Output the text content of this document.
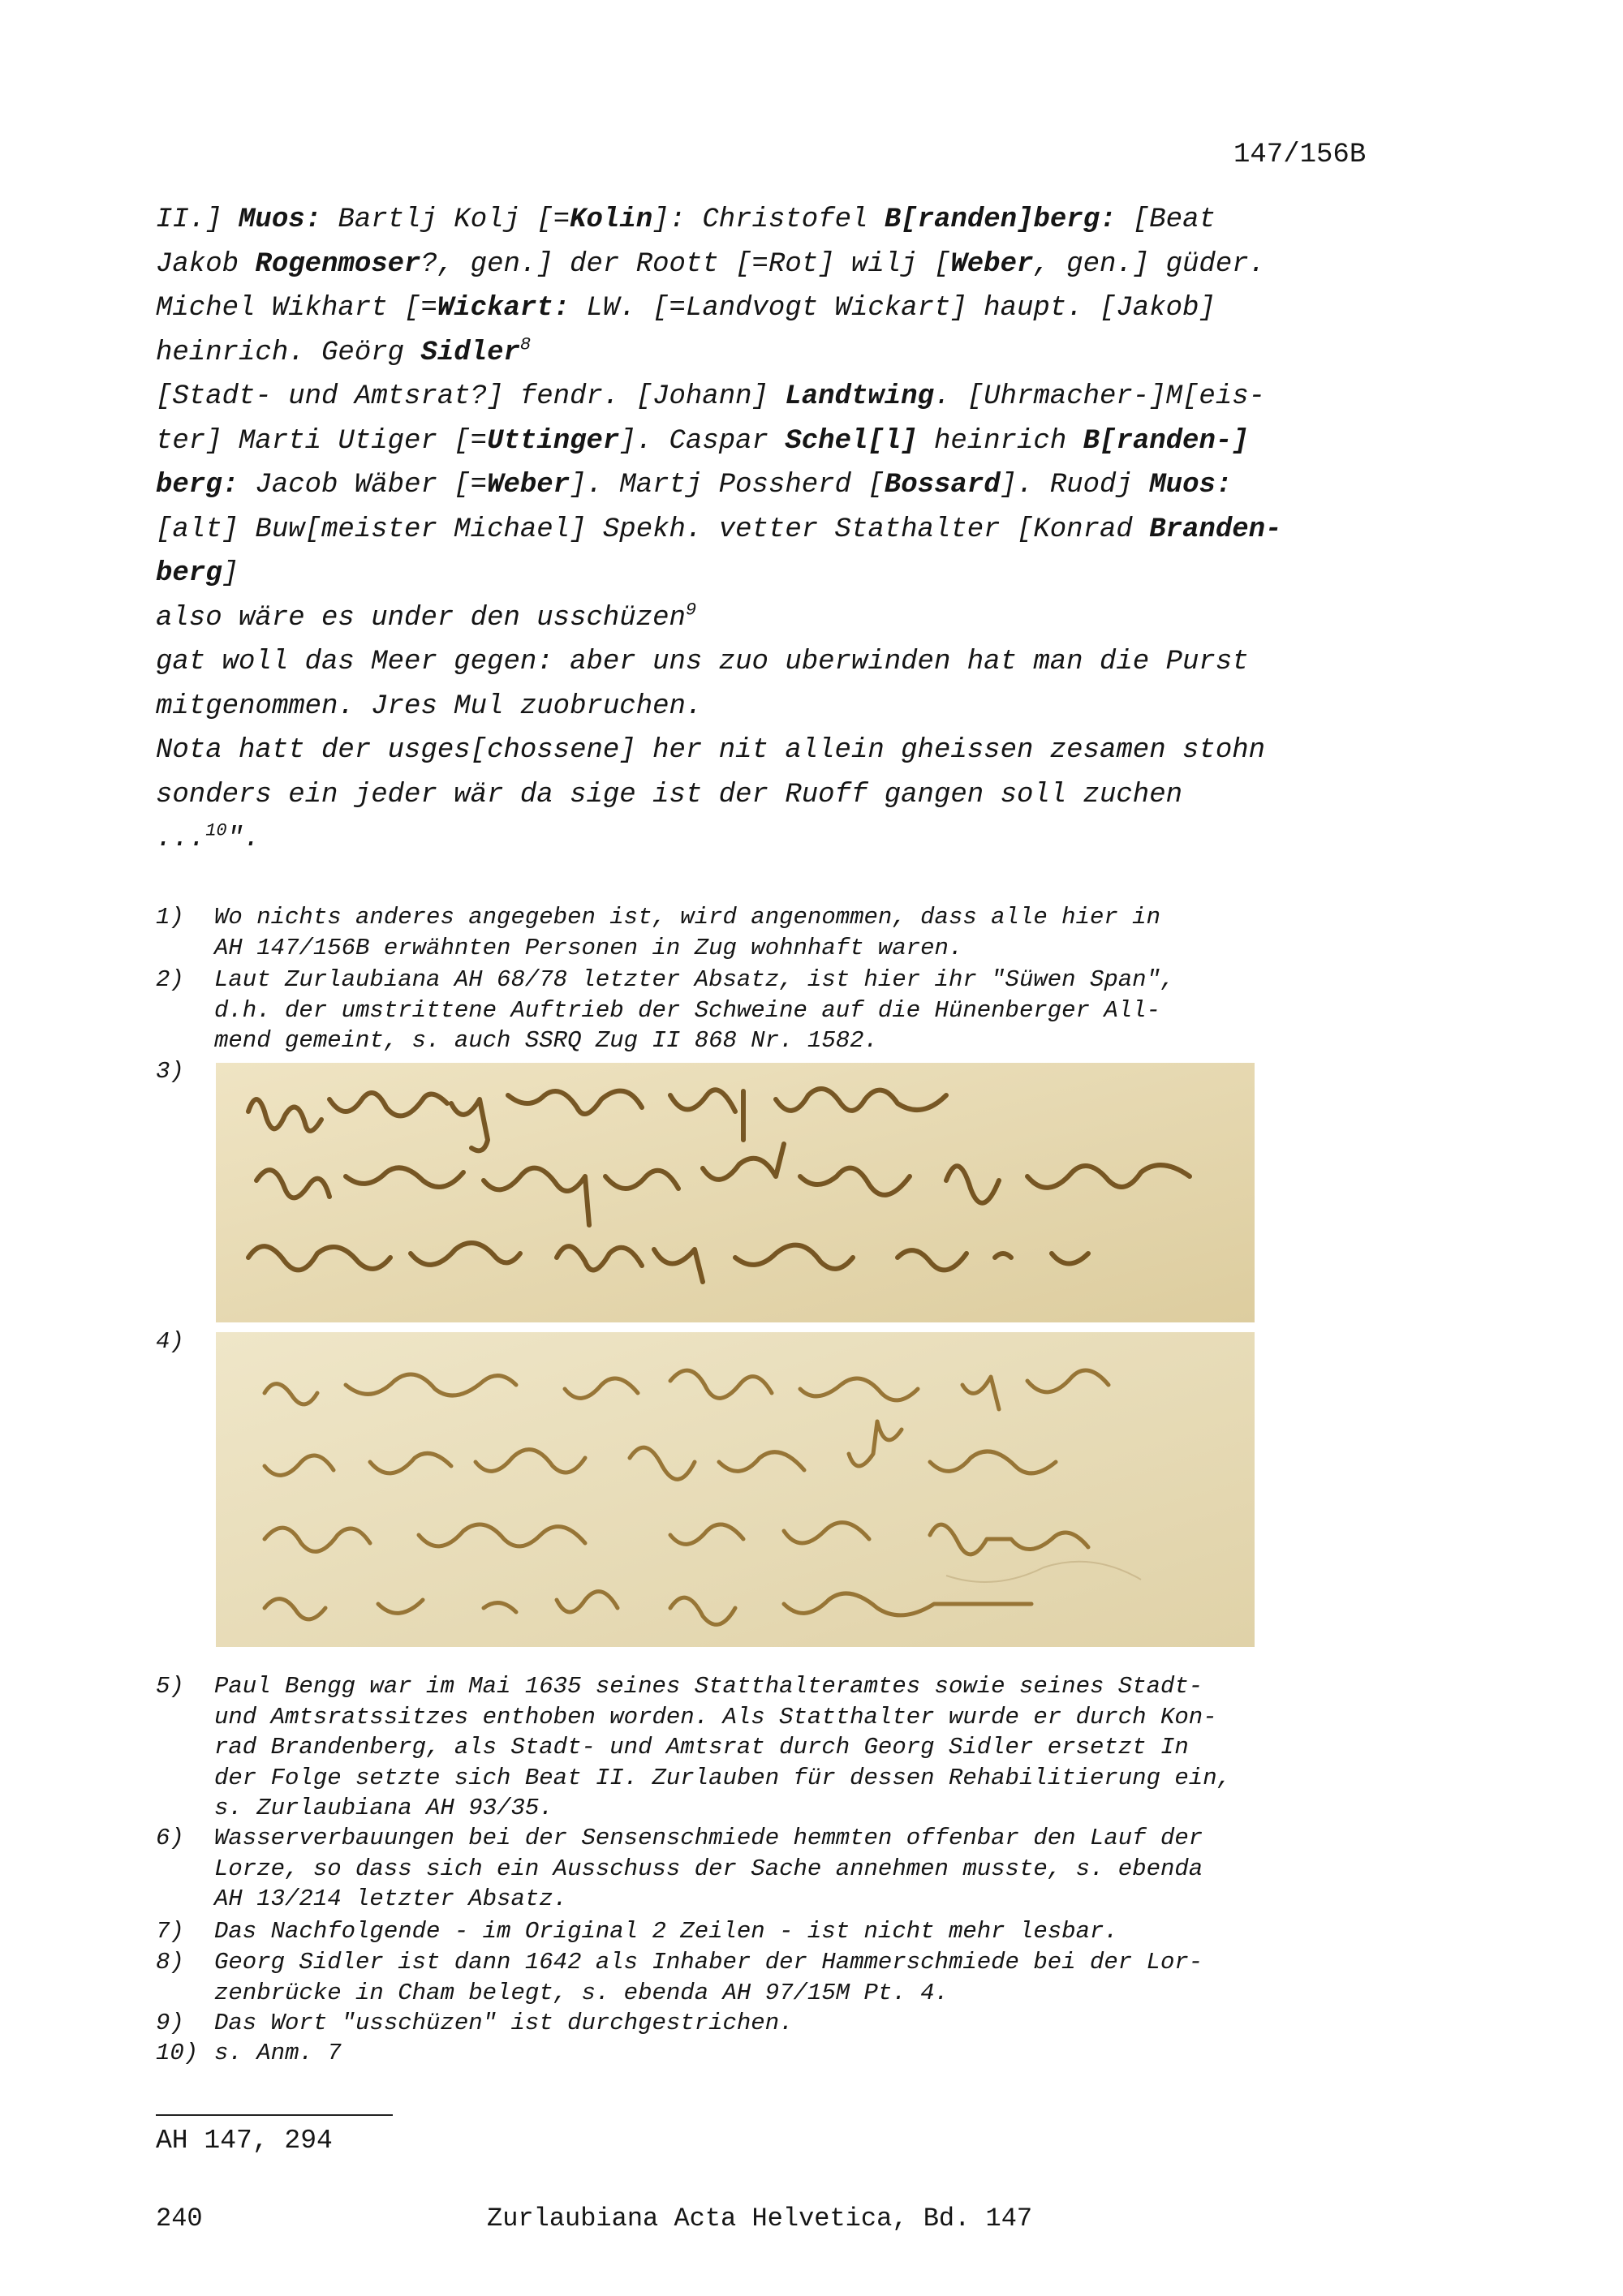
147/156B
II.] Muos: Bartlj Kolj [=Kolin]: Christofel B[randen]berg: [Beat
Jakob Rogenmoser?, gen.] der Roott [=Rot] wilj [Weber, gen.] güder.
Michel Wikhart [=Wickart: LW. [=Landvogt Wickart] haupt. [Jakob]
heinrich. Geörg Sidler$^8$
[Stadt- und Amtsrat?] fendr. [Johann] Landtwing. [Uhrmacher-]M[eis-
ter] Marti Utiger [=Uttinger]. Caspar Schel[l] heinrich B[randen-]
berg: Jacob Wäber [=Weber]. Martj Possherd [Bossard]. Ruodj Muos:
[alt] Buw[meister Michael] Spekh. vetter Stathalter [Konrad Branden-
berg]
also wäre es under den usschüzen$^9$
gat woll das Meer gegen: aber uns zuo uberwinden hat man die Purst
mitgenommen. Jres Mul zuobruchen.
Nota hatt der usges[chossene] her nit allein gheissen zesamen stohn
sonders ein jeder wär da sige ist der Ruoff gangen soll zuchen
...$^{10}$".
1) Wo nichts anderes angegeben ist, wird angenommen, dass alle hier in
AH 147/156B erwähnten Personen in Zug wohnhaft waren.
2) Laut Zurlaubiana AH 68/78 letzter Absatz, ist hier ihr "Süwen Span",
d.h. der umstrittene Auftrieb der Schweine auf die Hünenberger All-
mend gemeint, s. auch SSRQ Zug II 868 Nr. 1582.
3)
4)
5) Paul Bengg war im Mai 1635 seines Statthalteramtes sowie seines Stadt-
und Amtsratssitzes enthoben worden. Als Statthalter wurde er durch Kon-
rad Brandenberg, als Stadt- und Amtsrat durch Georg Sidler ersetzt In
der Folge setzte sich Beat II. Zurlauben für dessen Rehabilitierung ein,
s. Zurlaubiana AH 93/35.
6) Wasserverbauungen bei der Sensenschmiede hemmten offenbar den Lauf der
Lorze, so dass sich ein Ausschuss der Sache annehmen musste, s. ebenda
AH 13/214 letzter Absatz.
7) Das Nachfolgende - im Original 2 Zeilen - ist nicht mehr lesbar.
8) Georg Sidler ist dann 1642 als Inhaber der Hammerschmiede bei der Lor-
zenbrücke in Cham belegt, s. ebenda AH 97/15M Pt. 4.
9) Das Wort "usschüzen" ist durchgestrichen.
10) s. Anm. 7
AH 147, 294
240	Zurlaubiana Acta Helvetica, Bd. 147
